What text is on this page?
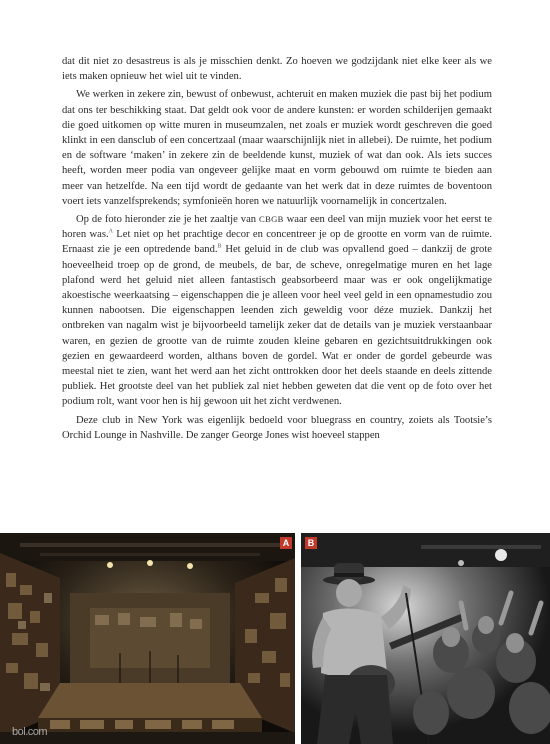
dat dit niet zo desastreus is als je misschien denkt. Zo hoeven we godzijdank niet elke keer als we iets maken opnieuw het wiel uit te vinden.

We werken in zekere zin, bewust of onbewust, achteruit en maken muziek die past bij het podium dat ons ter beschikking staat. Dat geldt ook voor de andere kunsten: er worden schilderijen gemaakt die goed uitkomen op witte muren in museumzalen, net zoals er muziek wordt geschreven die goed klinkt in een dansclub of een concertzaal (maar waarschijnlijk niet in allebei). De ruimte, het podium en de software ‘maken’ in zekere zin de beeldende kunst, muziek of wat dan ook. Als iets succes heeft, worden meer podia van ongeveer gelijke maat en vorm gebouwd om ruimte te bieden aan meer van hetzelfde. Na een tijd wordt de gedaante van het werk dat in deze ruimtes de boventoon voert iets vanzelfsprekends; symfonieën horen we natuurlijk voornamelijk in concertzalen.

Op de foto hieronder zie je het zaaltje van CBGB waar een deel van mijn muziek voor het eerst te horen was.$^A$ Let niet op het prachtige decor en concentreer je op de grootte en vorm van de ruimte. Ernaast zie je een optredende band.$^B$ Het geluid in de club was opvallend goed – dankzij de grote hoeveelheid troep op de grond, de meubels, de bar, de scheve, onregelmatige muren en het lage plafond werd het geluid niet alleen fantastisch geabsorbeerd maar was er ook ongelijkmatige akoestische weerkaatsing – eigenschappen die je alleen voor heel veel geld in een opnamestudio zou kunnen nabootsen. Die eigenschappen leenden zich geweldig voor déze muziek. Dankzij het ontbreken van nagalm wist je bijvoorbeeld tamelijk zeker dat de details van je muziek verstaanbaar waren, en gezien de grootte van de ruimte zouden kleine gebaren en gezichtsuitdrukkingen ook gezien en gewaardeerd worden, althans boven de gordel. Wat er onder de gordel gebeurde was meestal niet te zien, want het werd aan het zicht onttrokken door het deels staande en deels zittende publiek. Het grootste deel van het publiek zal niet hebben geweten dat die vent op de foto over het podium rolt, want voor hen is hij gewoon uit het zicht verdwenen.

Deze club in New York was eigenlijk bedoeld voor bluegrass en country, zoiets als Tootsie’s Orchid Lounge in Nashville. De zanger George Jones wist hoeveel stappen

A	B
bol.com
